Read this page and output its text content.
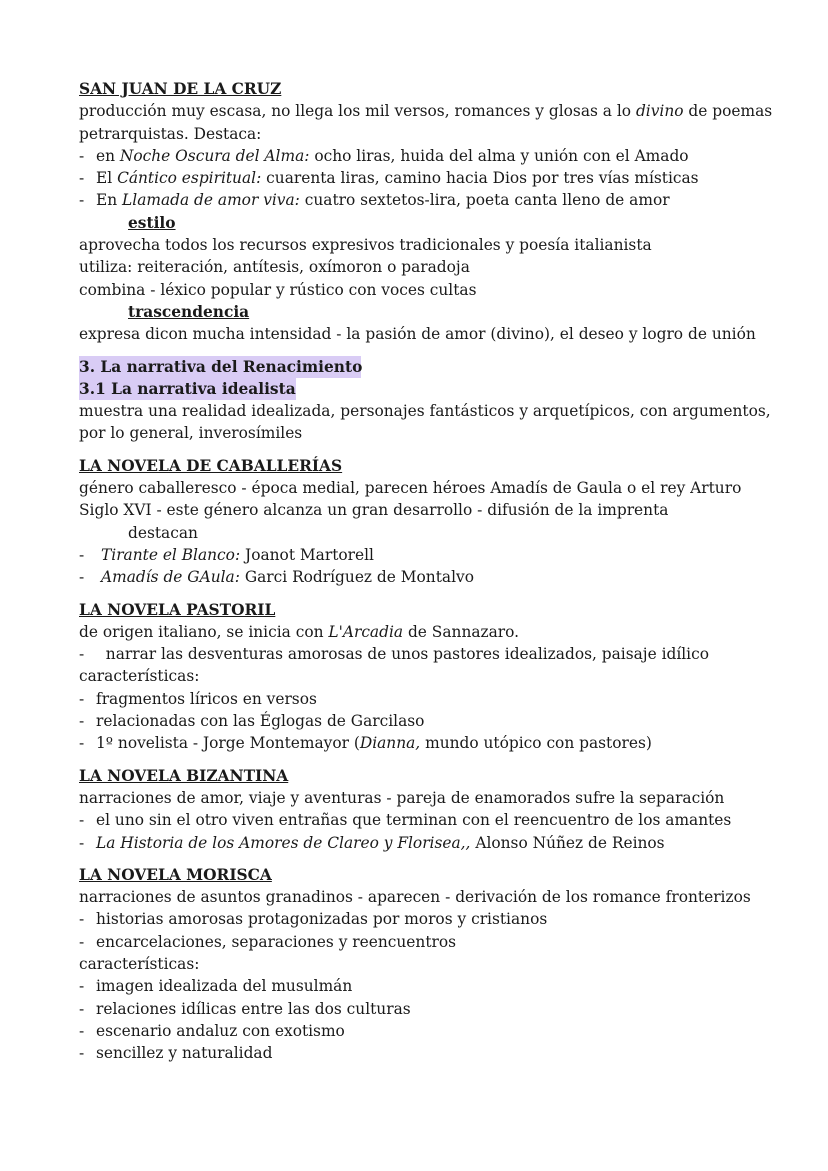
SAN JUAN DE LA CRUZ
producción muy escasa, no llega los mil versos, romances y glosas a lo divino de poemas
petrarquistas. Destaca:
- en Noche Oscura del Alma: ocho liras, huida del alma y unión con el Amado
- El Cántico espiritual: cuarenta liras, camino hacia Dios por tres vías místicas
- En Llamada de amor viva: cuatro sextetos-lira, poeta canta lleno de amor
estilo
aprovecha todos los recursos expresivos tradicionales y poesía italianista
utiliza: reiteración, antítesis, oxímoron o paradoja
combina - léxico popular y rústico con voces cultas
trascendencia
expresa dicon mucha intensidad - la pasión de amor (divino), el deseo y logro de unión
3. La narrativa del Renacimiento
3.1 La narrativa idealista
muestra una realidad idealizada, personajes fantásticos y arquetípicos, con argumentos,
por lo general, inverosímiles
LA NOVELA DE CABALLERÍAS
género caballeresco - época medial, parecen héroes Amadís de Gaula o el rey Arturo
Siglo XVI - este género alcanza un gran desarrollo - difusión de la imprenta
destacan
- Tirante el Blanco: Joanot Martorell
- Amadís de GAula: Garci Rodríguez de Montalvo
LA NOVELA PASTORIL
de origen italiano, se inicia con L'Arcadia de Sannazaro.
-   narrar las desventuras amorosas de unos pastores idealizados, paisaje idílico
características:
- fragmentos líricos en versos
- relacionadas con las Églogas de Garcilaso
- 1º novelista - Jorge Montemayor (Dianna, mundo utópico con pastores)
LA NOVELA BIZANTINA
narraciones de amor, viaje y aventuras - pareja de enamorados sufre la separación
- el uno sin el otro viven entrañas que terminan con el reencuentro de los amantes
- La Historia de los Amores de Clareo y Florisea,, Alonso Núñez de Reinos
LA NOVELA MORISCA
narraciones de asuntos granadinos - aparecen - derivación de los romance fronterizos
- historias amorosas protagonizadas por moros y cristianos
- encarcelaciones, separaciones y reencuentros
características:
- imagen idealizada del musulmán
- relaciones idílicas entre las dos culturas
- escenario andaluz con exotismo
- sencillez y naturalidad
